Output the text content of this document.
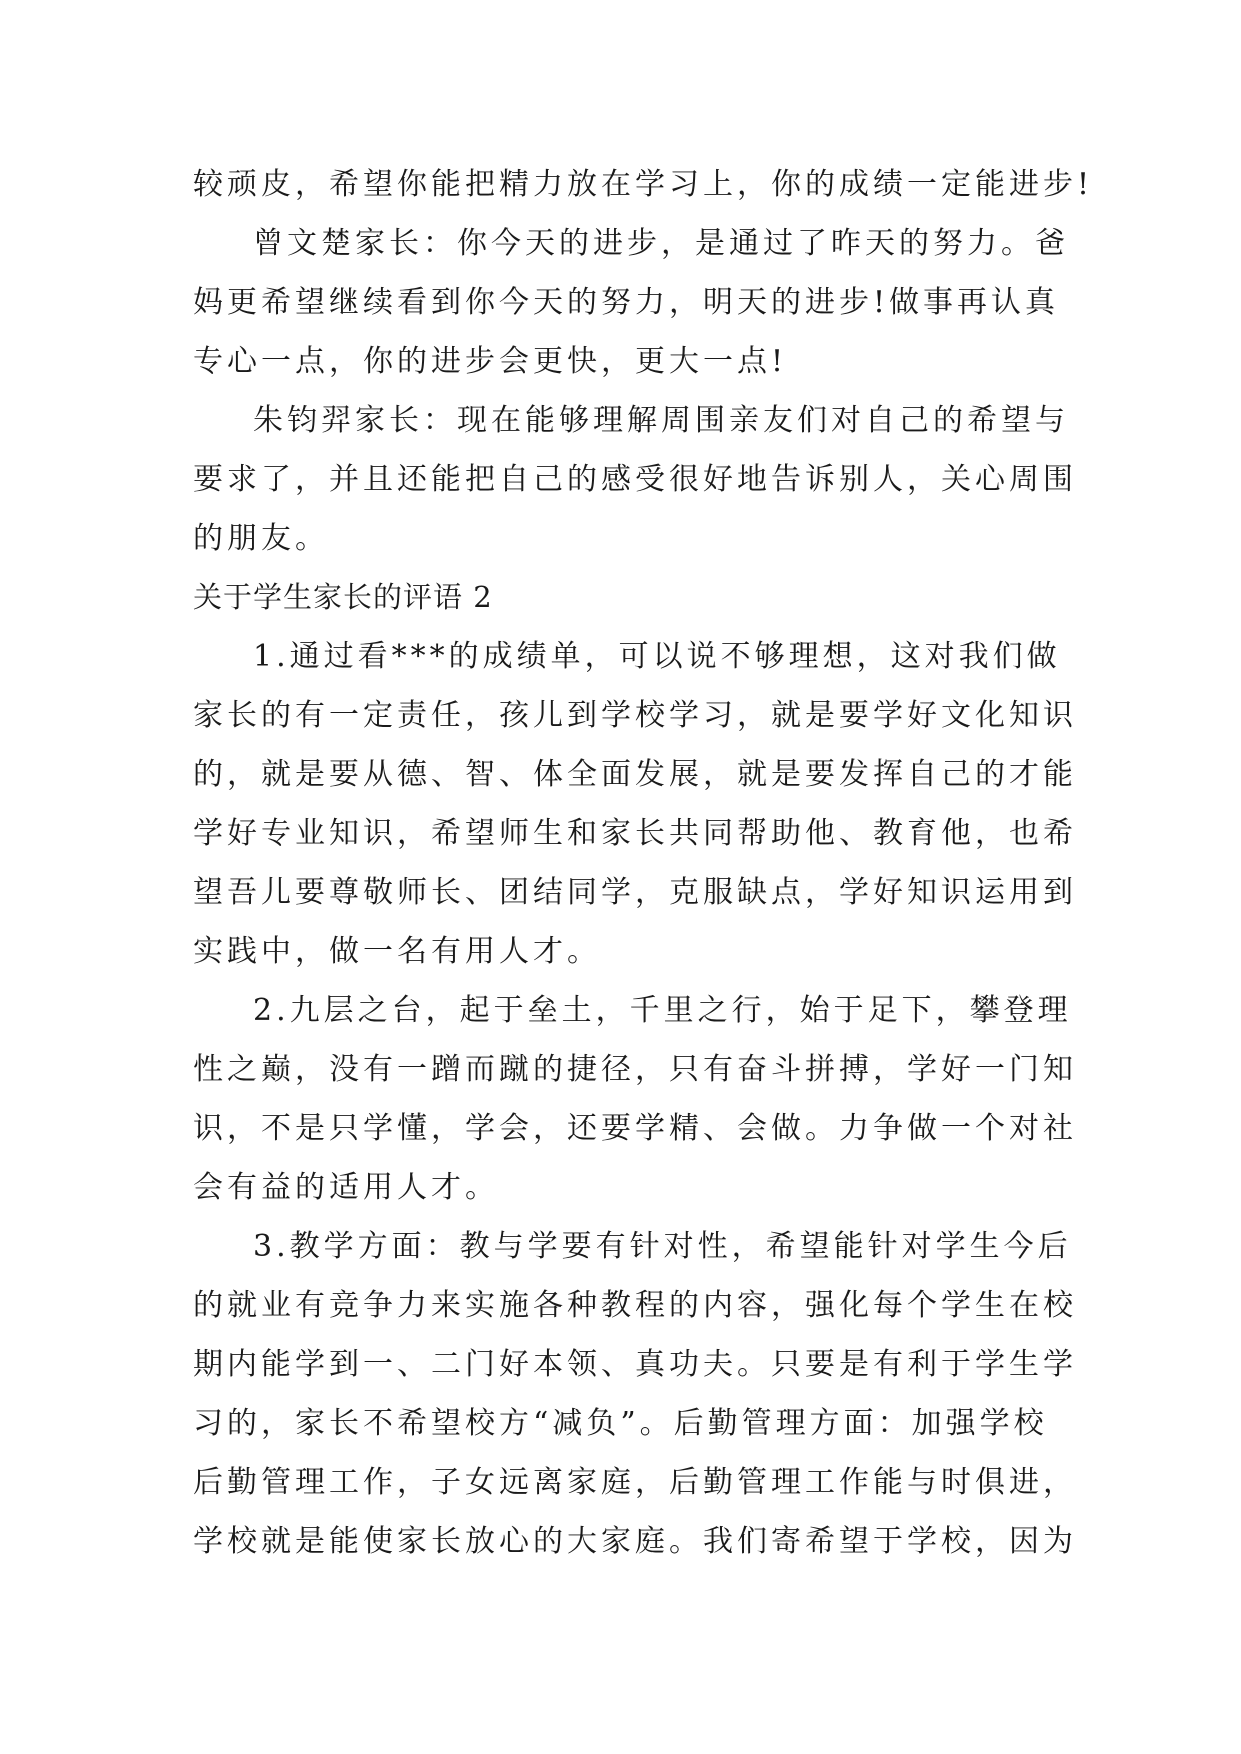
较顽皮，希望你能把精力放在学习上，你的成绩一定能进步!
曾文楚家长：你今天的进步，是通过了昨天的努力。爸
妈更希望继续看到你今天的努力，明天的进步!做事再认真
专心一点，你的进步会更快，更大一点!
朱钧羿家长：现在能够理解周围亲友们对自己的希望与
要求了，并且还能把自己的感受很好地告诉别人，关心周围
的朋友。
关于学生家长的评语 2
1.通过看***的成绩单，可以说不够理想，这对我们做
家长的有一定责任，孩儿到学校学习，就是要学好文化知识
的，就是要从德、智、体全面发展，就是要发挥自己的才能
学好专业知识，希望师生和家长共同帮助他、教育他，也希
望吾儿要尊敬师长、团结同学，克服缺点，学好知识运用到
实践中，做一名有用人才。
2.九层之台，起于垒土，千里之行，始于足下，攀登理
性之巅，没有一蹭而蹴的捷径，只有奋斗拼搏，学好一门知
识，不是只学懂，学会，还要学精、会做。力争做一个对社
会有益的适用人才。
3.教学方面：教与学要有针对性，希望能针对学生今后
的就业有竞争力来实施各种教程的内容，强化每个学生在校
期内能学到一、二门好本领、真功夫。只要是有利于学生学
习的，家长不希望校方“减负”。后勤管理方面：加强学校
后勤管理工作，子女远离家庭，后勤管理工作能与时俱进，
学校就是能使家长放心的大家庭。我们寄希望于学校，因为
